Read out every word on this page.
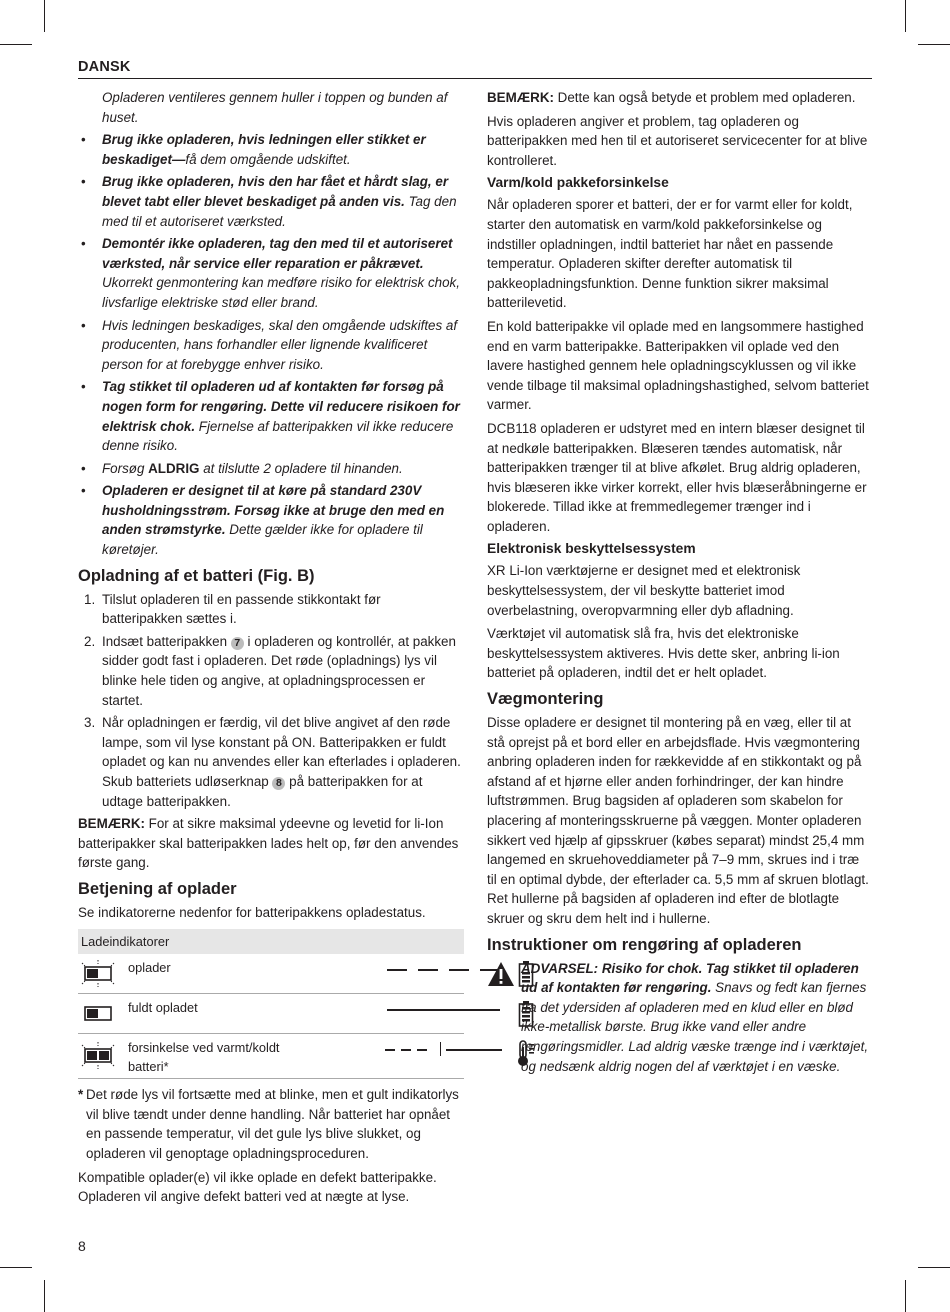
DANSK

Opladeren ventileres gennem huller i toppen og bunden af huset.

• Brug ikke opladeren, hvis ledningen eller stikket er beskadiget—få dem omgående udskiftet.
• Brug ikke opladeren, hvis den har fået et hårdt slag, er blevet tabt eller blevet beskadiget på anden vis. Tag den med til et autoriseret værksted.
• Demontér ikke opladeren, tag den med til et autoriseret værksted, når service eller reparation er påkrævet. Ukorrekt genmontering kan medføre risiko for elektrisk chok, livsfarlige elektriske stød eller brand.
• Hvis ledningen beskadiges, skal den omgående udskiftes af producenten, hans forhandler eller lignende kvalificeret person for at forebygge enhver risiko.
• Tag stikket til opladeren ud af kontakten før forsøg på nogen form for rengøring. Dette vil reducere risikoen for elektrisk chok. Fjernelse af batteripakken vil ikke reducere denne risiko.
• Forsøg ALDRIG at tilslutte 2 opladere til hinanden.
• Opladeren er designet til at køre på standard 230V husholdningsstrøm. Forsøg ikke at bruge den med en anden strømstyrke. Dette gælder ikke for opladere til køretøjer.
Opladning af et batteri (Fig. B)
1. Tilslut opladeren til en passende stikkontakt før batteripakken sættes i.
2. Indsæt batteripakken 7 i opladeren og kontrollér, at pakken sidder godt fast i opladeren. Det røde (opladnings) lys vil blinke hele tiden og angive, at opladningsprocessen er startet.
3. Når opladningen er færdig, vil det blive angivet af den røde lampe, som vil lyse konstant på ON. Batteripakken er fuldt opladet og kan nu anvendes eller kan efterlades i opladeren. Skub batteriets udløserknap 8 på batteripakken for at udtage batteripakken.

BEMÆRK: For at sikre maksimal ydeevne og levetid for li-Ion batteripakker skal batteripakken lades helt op, før den anvendes første gang.

Betjening af oplader

Se indikatorerne nedenfor for batteripakkens opladestatus.

Ladeindikatorer
oplader
fuldt opladet
forsinkelse ved varmt/koldt batteri*

* Det røde lys vil fortsætte med at blinke, men et gult indikatorlys vil blive tændt under denne handling. Når batteriet har opnået en passende temperatur, vil det gule lys blive slukket, og opladeren vil genoptage opladningsproceduren.

Kompatible oplader(e) vil ikke oplade en defekt batteripakke. Opladeren vil angive defekt batteri ved at nægte at lyse.

BEMÆRK: Dette kan også betyde et problem med opladeren.

Hvis opladeren angiver et problem, tag opladeren og batteripakken med hen til et autoriseret servicecenter for at blive kontrolleret.

Varm/kold pakkeforsinkelse

Når opladeren sporer et batteri, der er for varmt eller for koldt, starter den automatisk en varm/kold pakkeforsinkelse og indstiller opladningen, indtil batteriet har nået en passende temperatur. Opladeren skifter derefter automatisk til pakkeopladningsfunktion. Denne funktion sikrer maksimal batterilevetid.

En kold batteripakke vil oplade med en langsommere hastighed end en varm batteripakke. Batteripakken vil oplade ved den lavere hastighed gennem hele opladningscyklussen og vil ikke vende tilbage til maksimal opladningshastighed, selvom batteriet varmer.

DCB118 opladeren er udstyret med en intern blæser designet til at nedkøle batteripakken. Blæseren tændes automatisk, når batteripakken trænger til at blive afkølet. Brug aldrig opladeren, hvis blæseren ikke virker korrekt, eller hvis blæseråbningerne er blokerede. Tillad ikke at fremmedlegemer trænger ind i opladeren.

Elektronisk beskyttelsessystem

XR Li-Ion værktøjerne er designet med et elektronisk beskyttelsessystem, der vil beskytte batteriet imod overbelastning, overopvarmning eller dyb afladning.

Værktøjet vil automatisk slå fra, hvis det elektroniske beskyttelsessystem aktiveres. Hvis dette sker, anbring li-ion batteriet på opladeren, indtil det er helt opladet.

Vægmontering

Disse opladere er designet til montering på en væg, eller til at stå oprejst på et bord eller en arbejdsflade. Hvis vægmontering anbring opladeren inden for rækkevidde af en stikkontakt og på afstand af et hjørne eller anden forhindringer, der kan hindre luftstrømmen. Brug bagsiden af opladeren som skabelon for placering af monteringsskruerne på væggen. Monter opladeren sikkert ved hjælp af gipsskruer (købes separat) mindst 25,4 mm langemed en skruehoveddiameter på 7–9 mm, skrues ind i træ til en optimal dybde, der efterlader ca. 5,5 mm af skruen blotlagt. Ret hullerne på bagsiden af opladeren ind efter de blotlagte skruer og skru dem helt ind i hullerne.

Instruktioner om rengøring af opladeren
ADVARSEL: Risiko for chok. Tag stikket til opladeren ud af kontakten før rengøring. Snavs og fedt kan fjernes fra det ydersiden af opladeren med en klud eller en blød ikke-metallisk børste. Brug ikke vand eller andre rengøringsmidler. Lad aldrig væske trænge ind i værktøjet, og nedsænk aldrig nogen del af værktøjet i en væske.
8
